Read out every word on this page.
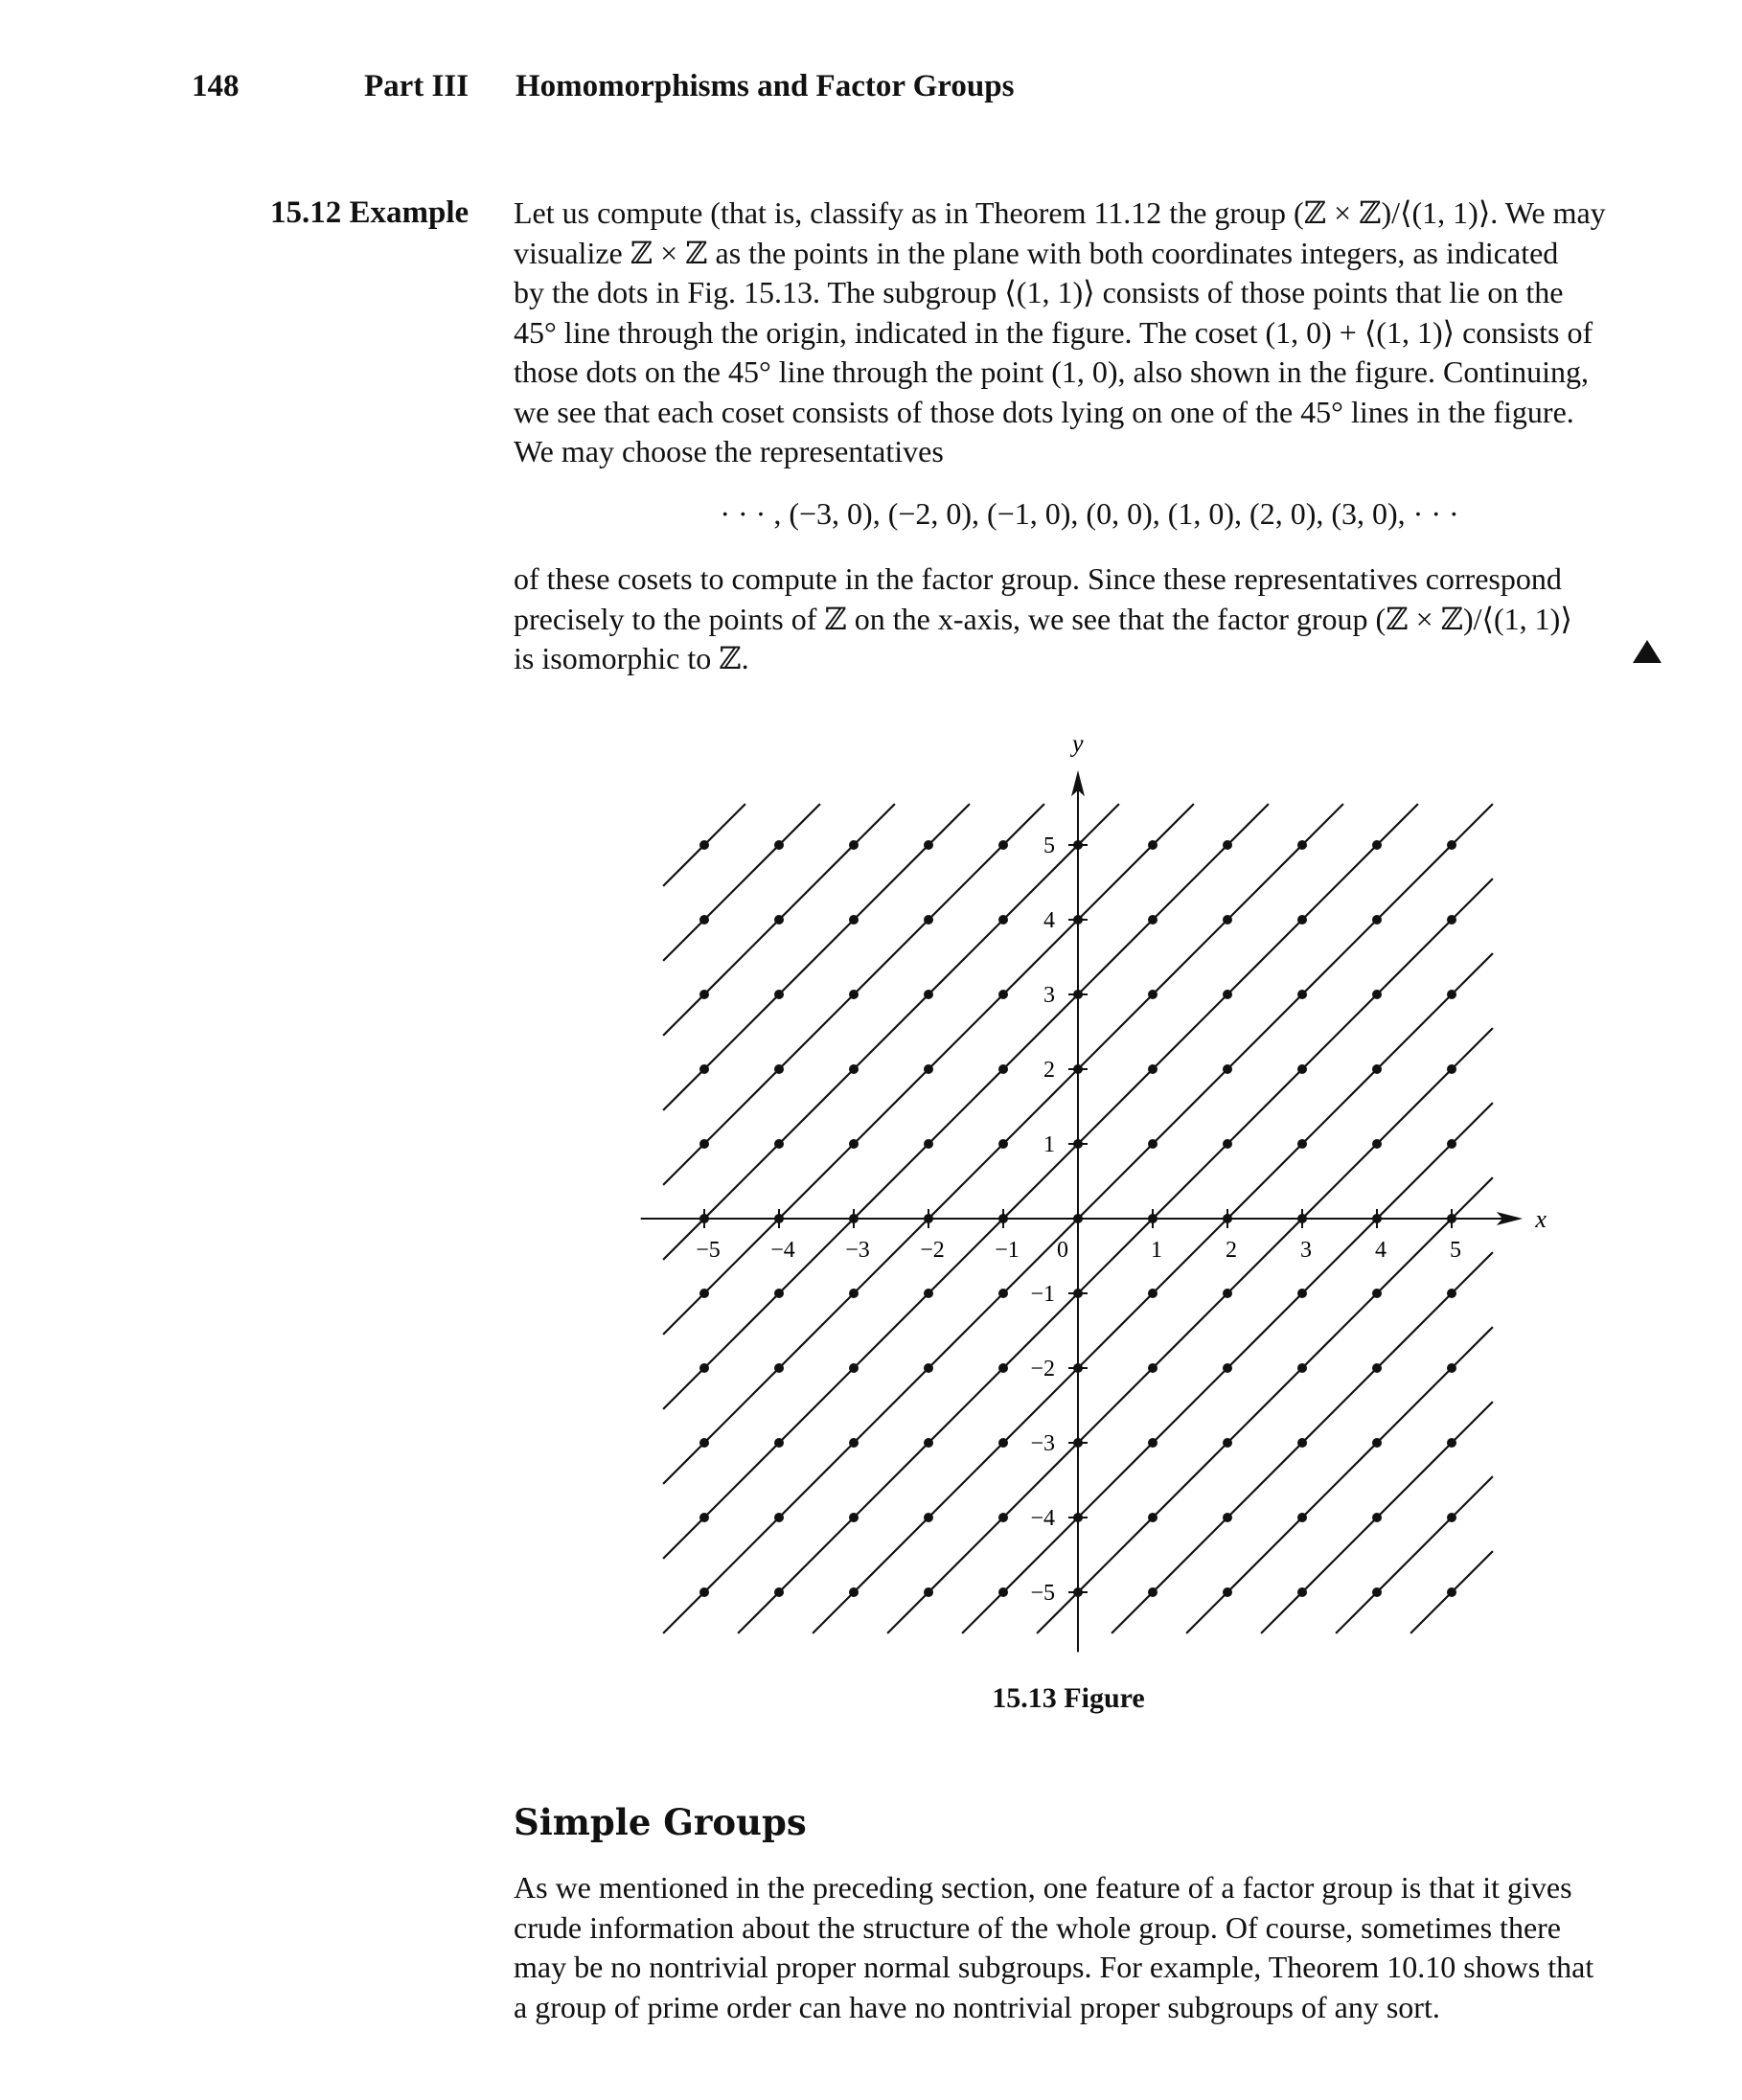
148	Part III Homomorphisms and Factor Groups
15.12 Example Let us compute (that is, classify as in Theorem 11.12 the group (ℤ × ℤ)/⟨(1, 1)⟩. We may

visualize ℤ × ℤ as the points in the plane with both coordinates integers, as indicated

by the dots in Fig. 15.13. The subgroup ⟨(1, 1)⟩ consists of those points that lie on the

45° line through the origin, indicated in the figure. The coset (1, 0) + ⟨(1, 1)⟩ consists of

those dots on the 45° line through the point (1, 0), also shown in the figure. Continuing,

we see that each coset consists of those dots lying on one of the 45° lines in the figure.

We may choose the representatives

· · · , (−3, 0), (−2, 0), (−1, 0), (0, 0), (1, 0), (2, 0), (3, 0), · · ·

of these cosets to compute in the factor group. Since these representatives correspond

precisely to the points of ℤ on the x-axis, we see that the factor group (ℤ × ℤ)/⟨(1, 1)⟩

is isomorphic to ℤ.

x
y
−5 −4 −3 −2 −1 0	1	2	3	4	5
5
4
3
2
1
−1
−2
−3
−4
−5
15.13 Figure
Simple Groups

As we mentioned in the preceding section, one feature of a factor group is that it gives

crude information about the structure of the whole group. Of course, sometimes there

may be no nontrivial proper normal subgroups. For example, Theorem 10.10 shows that

a group of prime order can have no nontrivial proper subgroups of any sort.
